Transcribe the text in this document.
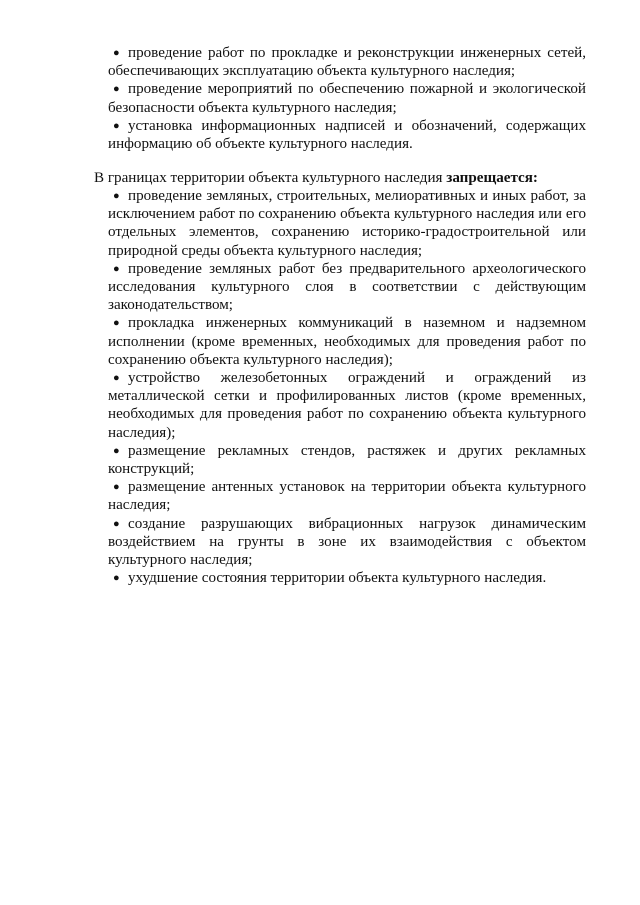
● проведение работ по прокладке и реконструкции инженерных сетей, обеспечивающих эксплуатацию объекта культурного наследия;
● проведение мероприятий по обеспечению пожарной и экологической безопасности объекта культурного наследия;
● установка информационных надписей и обозначений, содержащих информацию об объекте культурного наследия.
В границах территории объекта культурного наследия запрещается:
● проведение земляных, строительных, мелиоративных и иных работ, за исключением работ по сохранению объекта культурного наследия или его отдельных элементов, сохранению историко-градостроительной или природной среды объекта культурного наследия;
● проведение земляных работ без предварительного археологического исследования культурного слоя в соответствии с действующим законодательством;
● прокладка инженерных коммуникаций в наземном и надземном исполнении (кроме временных, необходимых для проведения работ по сохранению объекта культурного наследия);
● устройство железобетонных ограждений и ограждений из металлической сетки и профилированных листов (кроме временных, необходимых для проведения работ по сохранению объекта культурного наследия);
● размещение рекламных стендов, растяжек и других рекламных конструкций;
● размещение антенных установок на территории объекта культурного наследия;
● создание разрушающих вибрационных нагрузок динамическим воздействием на грунты в зоне их взаимодействия с объектом культурного наследия;
● ухудшение состояния территории объекта культурного наследия.
